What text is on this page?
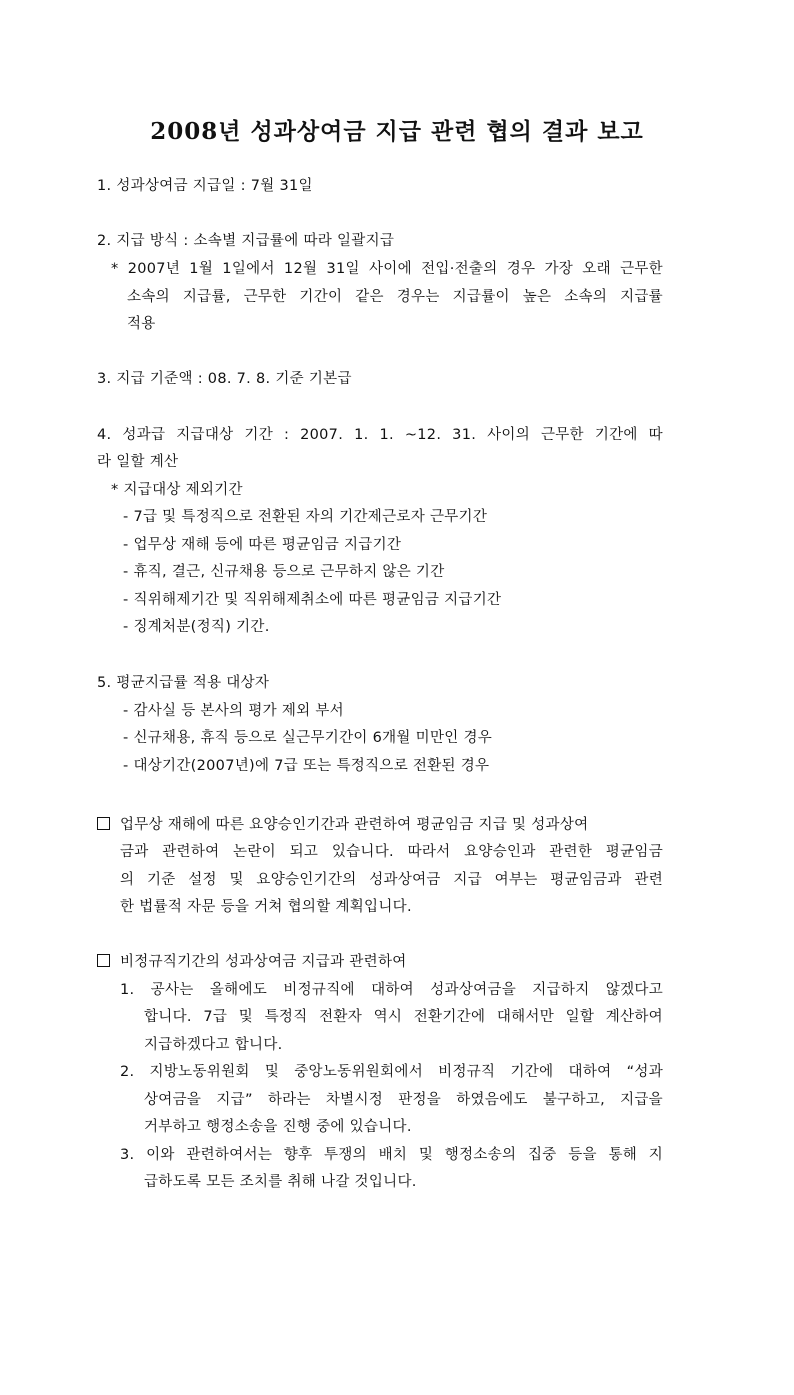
2008년 성과상여금 지급 관련 협의 결과 보고
1. 성과상여금 지급일 : 7월 31일
2. 지급 방식 : 소속별 지급률에 따라 일괄지급
* 2007년 1월 1일에서 12월 31일 사이에 전입·전출의 경우 가장 오래 근무한
소속의 지급률, 근무한 기간이 같은 경우는 지급률이 높은 소속의 지급률
적용
3. 지급 기준액 : 08. 7. 8. 기준 기본급
4. 성과급 지급대상 기간 : 2007. 1. 1. ~12. 31. 사이의 근무한 기간에 따
라 일할 계산
* 지급대상 제외기간
- 7급 및 특정직으로 전환된 자의 기간제근로자 근무기간
- 업무상 재해 등에 따른 평균임금 지급기간
- 휴직, 결근, 신규채용 등으로 근무하지 않은 기간
- 직위해제기간 및 직위해제취소에 따른 평균임금 지급기간
- 징계처분(정직) 기간.
5. 평균지급률 적용 대상자
- 감사실 등 본사의 평가 제외 부서
- 신규채용, 휴직 등으로 실근무기간이 6개월 미만인 경우
- 대상기간(2007년)에 7급 또는 특정직으로 전환된 경우
업무상 재해에 따른 요양승인기간과 관련하여 평균임금 지급 및 성과상여
금과 관련하여 논란이 되고 있습니다. 따라서 요양승인과 관련한 평균임금
의 기준 설정 및 요양승인기간의 성과상여금 지급 여부는 평균임금과 관련
한 법률적 자문 등을 거쳐 협의할 계획입니다.
비정규직기간의 성과상여금 지급과 관련하여
1. 공사는 올해에도 비정규직에 대하여 성과상여금을 지급하지 않겠다고
합니다. 7급 및 특정직 전환자 역시 전환기간에 대해서만 일할 계산하여
지급하겠다고 합니다.
2. 지방노동위원회 및 중앙노동위원회에서 비정규직 기간에 대하여 “성과
상여금을 지급” 하라는 차별시정 판정을 하였음에도 불구하고, 지급을
거부하고 행정소송을 진행 중에 있습니다.
3. 이와 관련하여서는 향후 투쟁의 배치 및 행정소송의 집중 등을 통해 지
급하도록 모든 조치를 취해 나갈 것입니다.
